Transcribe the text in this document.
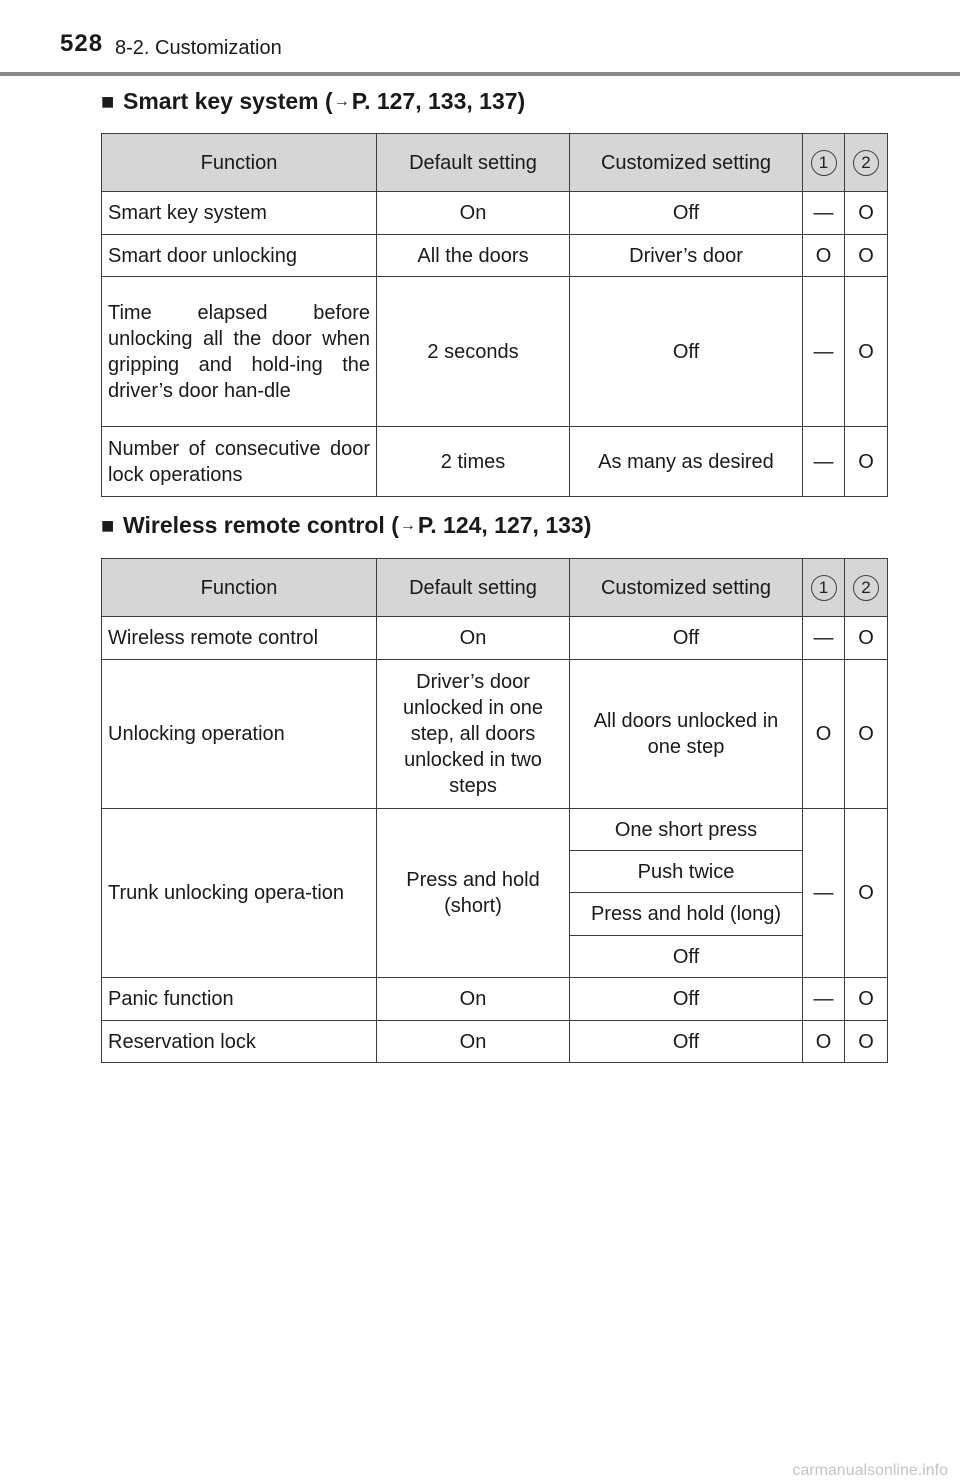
528 8-2. Customization
■ Smart key system (→P. 127, 133, 137)
Function	Default setting	Customized setting	1	2
Smart key system	On	Off	—	O
Smart door unlocking	All the doors	Driver’s door	O	O
Time elapsed before unlocking all the door when gripping and hold-ing the driver’s door han-dle	2 seconds	Off	—	O
Number of consecutive door lock operations	2 times	As many as desired	—	O
■ Wireless remote control (→P. 124, 127, 133)
Function	Default setting	Customized setting	1	2
Wireless remote control	On	Off	—	O
Unlocking operation	Driver’s door unlocked in one step, all doors unlocked in two steps	All doors unlocked in one step	O	O
Trunk unlocking opera-tion	Press and hold (short)	One short press	—	O
		Push twice		
		Press and hold (long)		
		Off		
Panic function	On	Off	—	O
Reservation lock	On	Off	O	O
carmanualsonline.info
